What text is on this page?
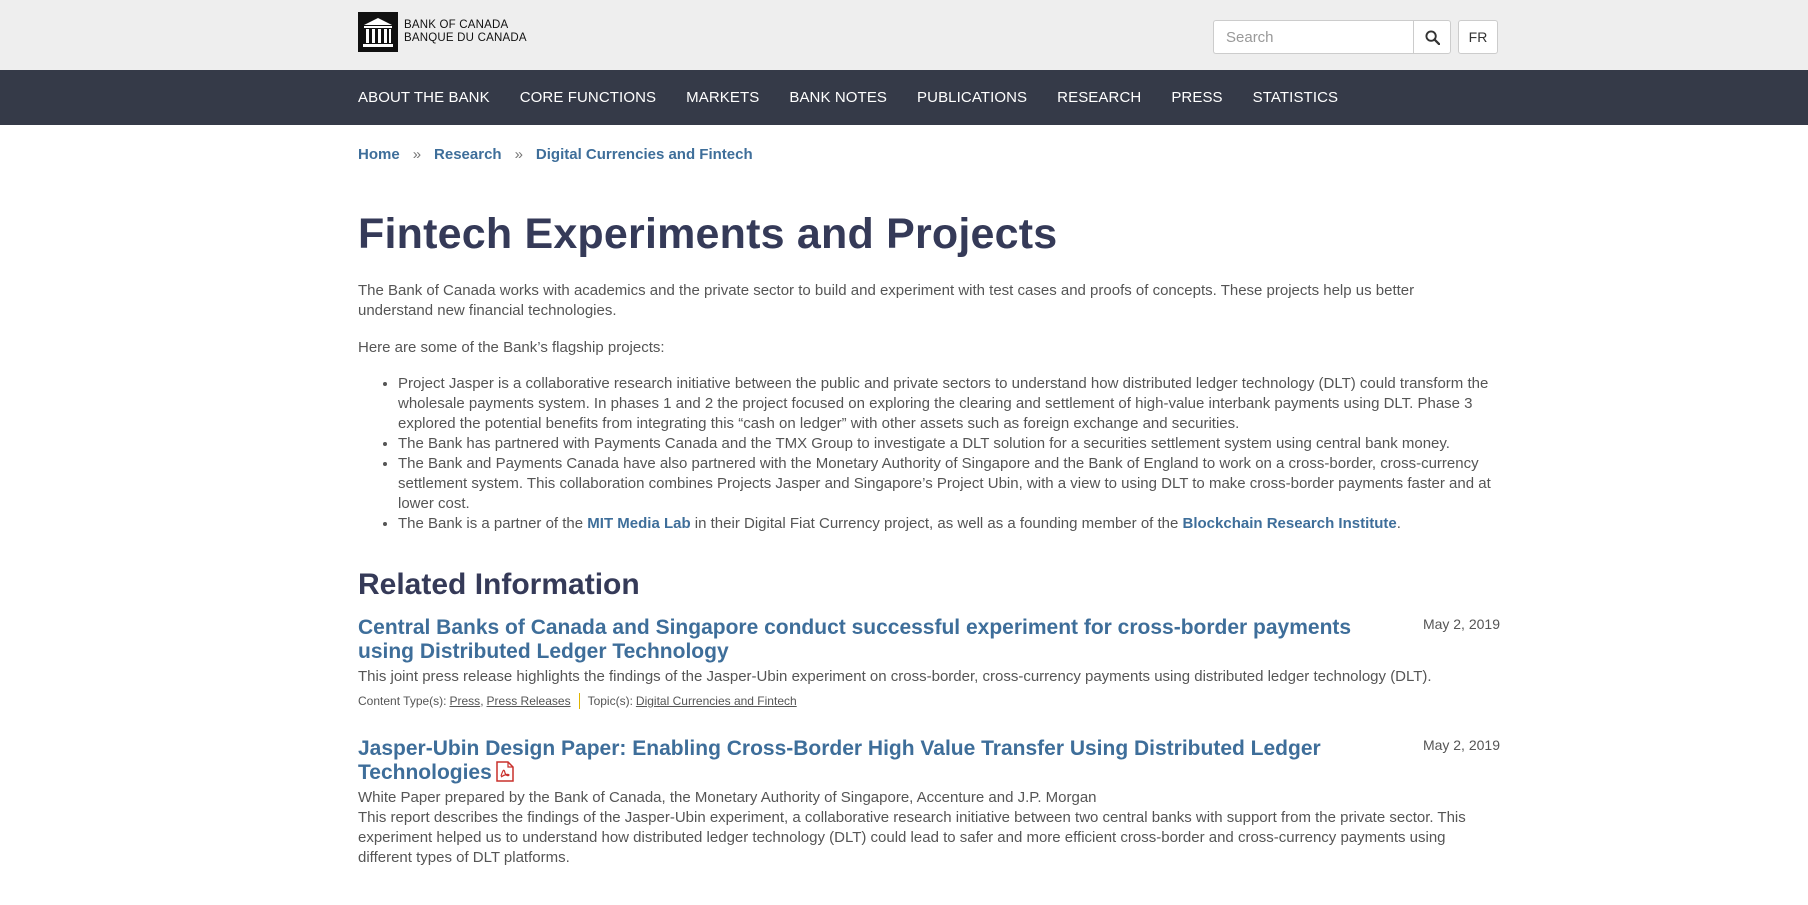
BANK OF CANADA
BANQUE DU CANADA
Search	FR
ABOUT THE BANK CORE FUNCTIONS MARKETS BANK NOTES PUBLICATIONS RESEARCH PRESS STATISTICS
Home » Research » Digital Currencies and Fintech
Fintech Experiments and Projects

The Bank of Canada works with academics and the private sector to build and experiment with test cases and proofs of concepts. These projects help us better understand new financial technologies.

Here are some of the Bank’s flagship projects:

• Project Jasper is a collaborative research initiative between the public and private sectors to understand how distributed ledger technology (DLT) could transform the wholesale payments system. In phases 1 and 2 the project focused on exploring the clearing and settlement of high-value interbank payments using DLT. Phase 3 explored the potential benefits from integrating this “cash on ledger” with other assets such as foreign exchange and securities.
• The Bank has partnered with Payments Canada and the TMX Group to investigate a DLT solution for a securities settlement system using central bank money.
• The Bank and Payments Canada have also partnered with the Monetary Authority of Singapore and the Bank of England to work on a cross-border, cross-currency settlement system. This collaboration combines Projects Jasper and Singapore’s Project Ubin, with a view to using DLT to make cross-border payments faster and at lower cost.
• The Bank is a partner of the MIT Media Lab in their Digital Fiat Currency project, as well as a founding member of the Blockchain Research Institute.
Related Information
Central Banks of Canada and Singapore conduct successful experiment for cross-border payments using Distributed Ledger Technology
May 2, 2019

This joint press release highlights the findings of the Jasper-Ubin experiment on cross-border, cross-currency payments using distributed ledger technology (DLT).

Content Type(s): Press , Press Releases Topic(s): Digital Currencies and Fintech
Jasper-Ubin Design Paper: Enabling Cross-Border High Value Transfer Using Distributed Ledger Technologies
May 2, 2019

White Paper prepared by the Bank of Canada, the Monetary Authority of Singapore, Accenture and J.P. Morgan

This report describes the findings of the Jasper-Ubin experiment, a collaborative research initiative between two central banks with support from the private sector. This experiment helped us to understand how distributed ledger technology (DLT) could lead to safer and more efficient cross-border and cross-currency payments using different types of DLT platforms.
